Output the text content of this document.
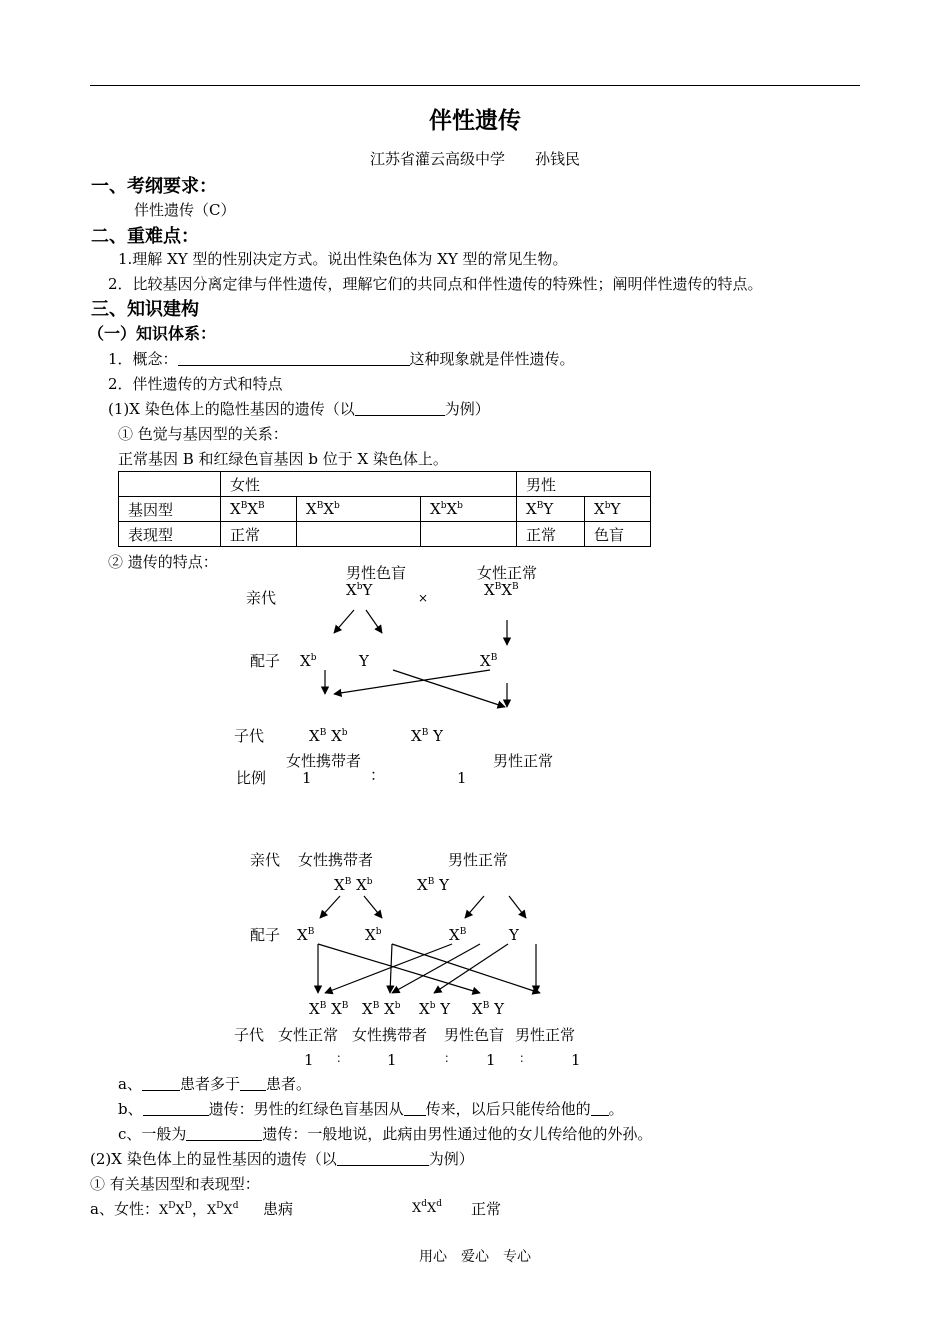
伴性遗传
江苏省灌云高级中学　　孙钱民
一、考纲要求：
伴性遗传（C）
二、重难点：
1.理解 XY 型的性别决定方式。说出性染色体为 XY 型的常见生物。
2．比较基因分离定律与伴性遗传，理解它们的共同点和伴性遗传的特殊性；阐明伴性遗传的特点。
三、知识建构
（一）知识体系：
1．概念：	这种现象就是伴性遗传。
2．伴性遗传的方式和特点
(1)X 染色体上的隐性基因的遗传（以	为例）
① 色觉与基因型的关系：
正常基因 B 和红绿色盲基因 b 位于 X 染色体上。
	女性			男性	
基因型	$X^BX^B$	$X^BX^b$	$X^bX^b$	$X^BY$	$X^bY$
表现型	正常			正常	色盲
② 遗传的特点：
男性色盲	女性正常
亲代	$X^bY$	×	$X^BX^B$
配子 $X^b$	Y	$X^B$
子代	$X^B$ $X^b$	$X^B$ Y
女性携带者	男性正常
比例 1	：	1
亲代 女性携带者	男性正常
$X^B$ $X^b$	$X^B$ Y
配子 $X^B$	$X^b$	$X^B$	Y
$X^B$ $X^B$ $X^B$ $X^b$ $X^b$ Y $X^B$ Y
子代 女性正常 女性携带者 男性色盲 男性正常
1 ：	1	： 1 ：	1
a、	患者多于 患者。
b、	遗传：男性的红绿色盲基因从 传来，以后只能传给他的 。
c、一般为	遗传：一般地说，此病由男性通过他的女儿传给他的外孙。
(2)X 染色体上的显性基因的遗传（以	为例）
① 有关基因型和表现型：
a、女性：$X^DX^D$，$X^DX^d$ 患病	$X^dX^d$ 正常
用心　爱心　专心
